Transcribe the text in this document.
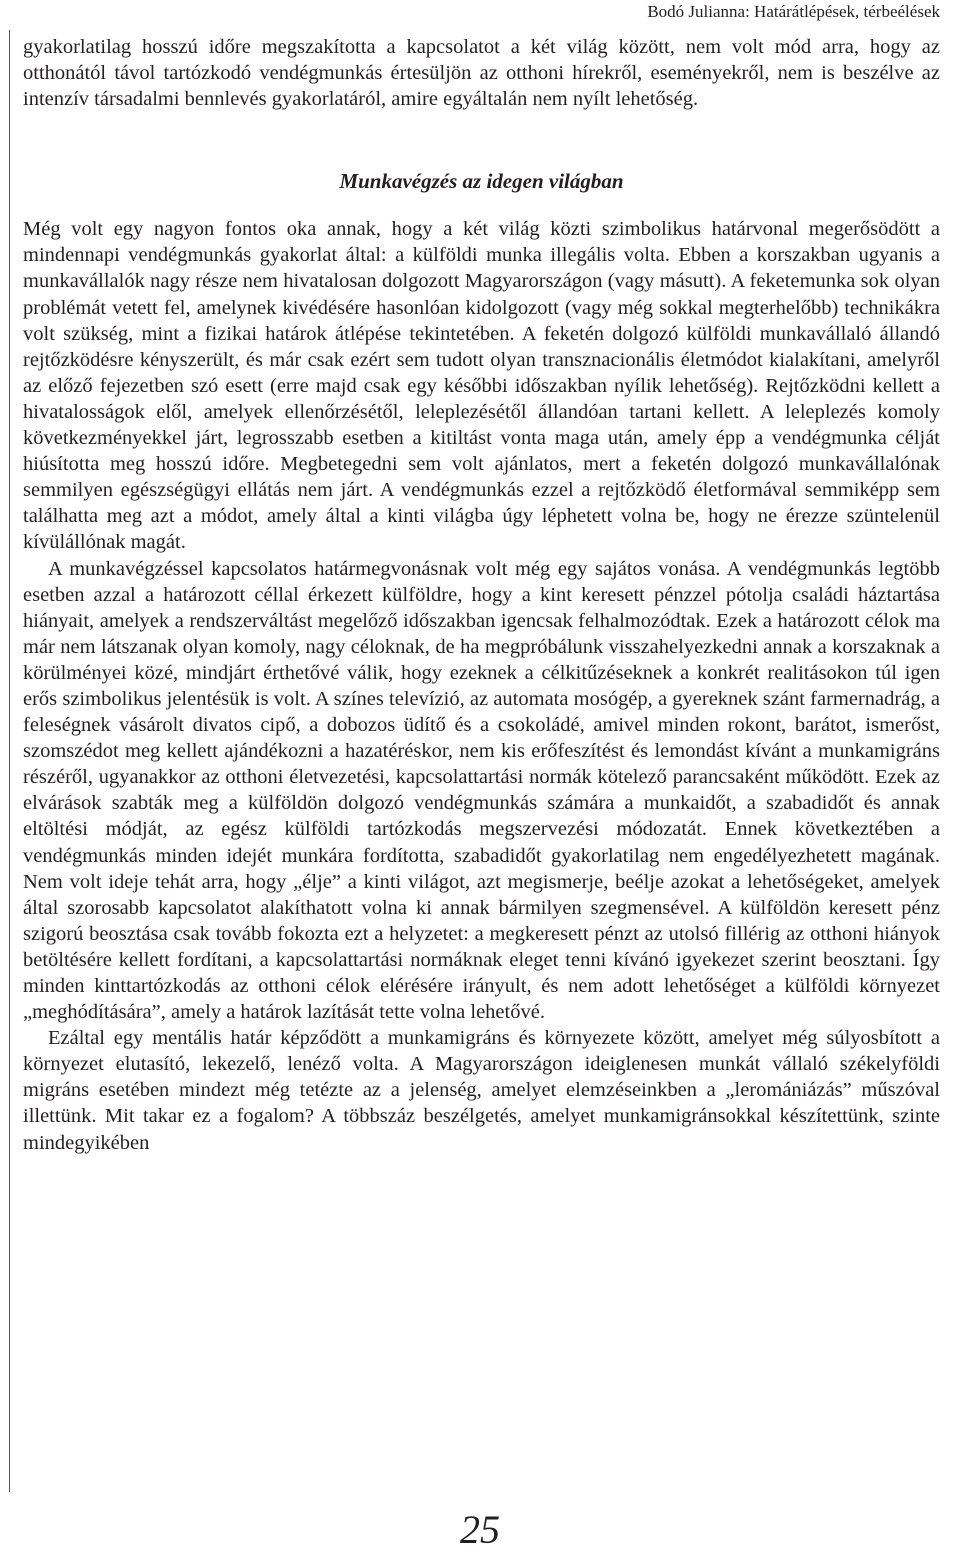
Bodó Julianna: Határátlépések, térbeélések

gyakorlatilag hosszú időre megszakította a kapcsolatot a két világ között, nem volt mód arra, hogy az otthonától távol tartózkodó vendégmunkás értesüljön az otthoni hírekről, eseményekről, nem is beszélve az intenzív társadalmi bennlevés gyakorlatáról, amire egyáltalán nem nyílt lehetőség.

Munkavégzés az idegen világban

Még volt egy nagyon fontos oka annak, hogy a két világ közti szimbolikus határvonal megerősödött a mindennapi vendégmunkás gyakorlat által: a külföldi munka illegális volta. Ebben a korszakban ugyanis a munkavállalók nagy része nem hivatalosan dolgozott Magyarországon (vagy másutt). A feketemunka sok olyan problémát vetett fel, amelynek kivédésére hasonlóan kidolgozott (vagy még sokkal megterhelőbb) technikákra volt szükség, mint a fizikai határok átlépése tekintetében. A feketén dolgozó külföldi munkavállaló állandó rejtőzködésre kényszerült, és már csak ezért sem tudott olyan transznacionális életmódot kialakítani, amelyről az előző fejezetben szó esett (erre majd csak egy későbbi időszakban nyílik lehetőség). Rejtőzködni kellett a hivatalosságok elől, amelyek ellenőrzésétől, leleplezésétől állandóan tartani kellett. A leleplezés komoly következményekkel járt, legrosszabb esetben a kitiltást vonta maga után, amely épp a vendégmunka célját hiúsította meg hosszú időre. Megbetegedni sem volt ajánlatos, mert a feketén dolgozó munkavállalónak semmilyen egészségügyi ellátás nem járt. A vendégmunkás ezzel a rejtőzködő életformával semmiképp sem találhatta meg azt a módot, amely által a kinti világba úgy léphetett volna be, hogy ne érezze szüntelenül kívülállónak magát.

A munkavégzéssel kapcsolatos határmegvonásnak volt még egy sajátos vonása. A vendégmunkás legtöbb esetben azzal a határozott céllal érkezett külföldre, hogy a kint keresett pénzzel pótolja családi háztartása hiányait, amelyek a rendszerváltást megelőző időszakban igencsak felhalmozódtak. Ezek a határozott célok ma már nem látszanak olyan komoly, nagy céloknak, de ha megpróbálunk visszahelyezkedni annak a korszaknak a körülményei közé, mindjárt érthetővé válik, hogy ezeknek a célkitűzéseknek a konkrét realitásokon túl igen erős szimbolikus jelentésük is volt. A színes televízió, az automata mosógép, a gyereknek szánt farmernadrág, a feleségnek vásárolt divatos cipő, a dobozos üdítő és a csokoládé, amivel minden rokont, barátot, ismerőst, szomszédot meg kellett ajándékozni a hazatéréskor, nem kis erőfeszítést és lemondást kívánt a munkamigráns részéről, ugyanakkor az otthoni életvezetési, kapcsolattartási normák kötelező parancsaként működött. Ezek az elvárások szabták meg a külföldön dolgozó vendégmunkás számára a munkaidőt, a szabadidőt és annak eltöltési módját, az egész külföldi tartózkodás megszervezési módozatát. Ennek következtében a vendégmunkás minden idejét munkára fordította, szabadidőt gyakorlatilag nem engedélyezhetett magának. Nem volt ideje tehát arra, hogy „élje” a kinti világot, azt megismerje, beélje azokat a lehetőségeket, amelyek által szorosabb kapcsolatot alakíthatott volna ki annak bármilyen szegmensével. A külföldön keresett pénz szigorú beosztása csak tovább fokozta ezt a helyzetet: a megkeresett pénzt az utolsó fillérig az otthoni hiányok betöltésére kellett fordítani, a kapcsolattartási normáknak eleget tenni kívánó igyekezet szerint beosztani. Így minden kinttartózkodás az otthoni célok elérésére irányult, és nem adott lehetőséget a külföldi környezet „meghódítására”, amely a határok lazítását tette volna lehetővé.

Ezáltal egy mentális határ képződött a munkamigráns és környezete között, amelyet még súlyosbított a környezet elutasító, lekezelő, lenéző volta. A Magyarországon ideiglenesen munkát vállaló székelyföldi migráns esetében mindezt még tetézte az a jelenség, amelyet elemzéseinkben a „leromániázás” műszóval illettünk. Mit takar ez a fogalom? A többszáz beszélgetés, amelyet munkamigránsokkal készítettünk, szinte mindegyikében

25
